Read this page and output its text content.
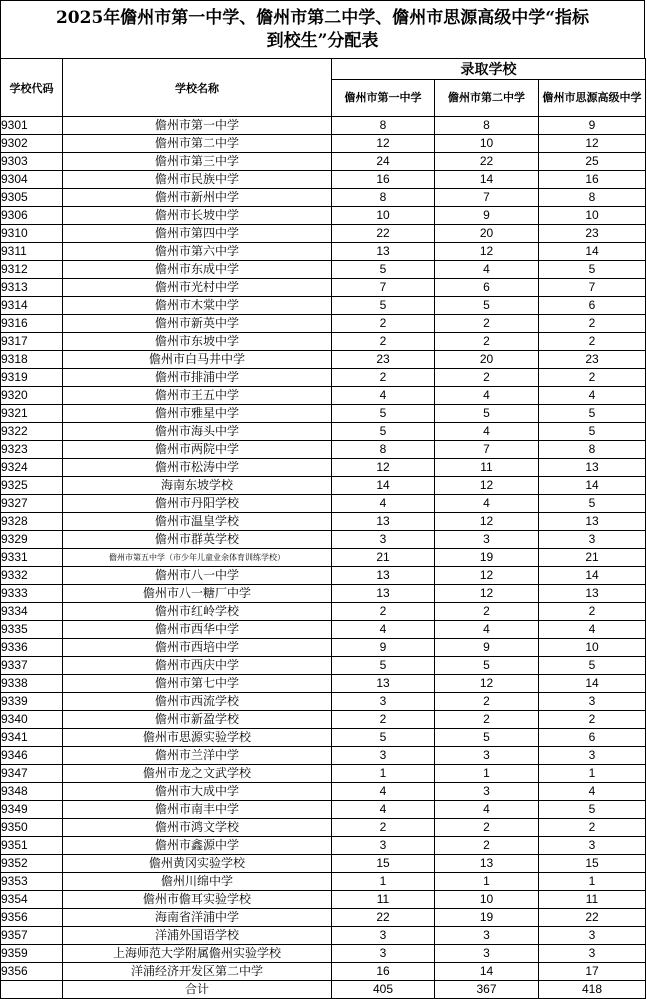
2025年儋州市第一中学、儋州市第二中学、儋州市思源高级中学“指标
到校生”分配表
学校代码	学校名称	录取学校		
		儋州市第一中学	儋州市第二中学	儋州市思源高级中学
9301	儋州市第一中学	8	8	9
9302	儋州市第二中学	12	10	12
9303	儋州市第三中学	24	22	25
9304	儋州市民族中学	16	14	16
9305	儋州市新州中学	8	7	8
9306	儋州市长坡中学	10	9	10
9310	儋州市第四中学	22	20	23
9311	儋州市第六中学	13	12	14
9312	儋州市东成中学	5	4	5
9313	儋州市光村中学	7	6	7
9314	儋州市木棠中学	5	5	6
9316	儋州市新英中学	2	2	2
9317	儋州市东坡中学	2	2	2
9318	儋州市白马井中学	23	20	23
9319	儋州市排浦中学	2	2	2
9320	儋州市王五中学	4	4	4
9321	儋州市雅星中学	5	5	5
9322	儋州市海头中学	5	4	5
9323	儋州市两院中学	8	7	8
9324	儋州市松涛中学	12	11	13
9325	海南东坡学校	14	12	14
9327	儋州市丹阳学校	4	4	5
9328	儋州市温皇学校	13	12	13
9329	儋州市群英学校	3	3	3
9331	儋州市第五中学（市少年儿童业余体育训练学校）	21	19	21
9332	儋州市八一中学	13	12	14
9333	儋州市八一糖厂中学	13	12	13
9334	儋州市红岭学校	2	2	2
9335	儋州市西华中学	4	4	4
9336	儋州市西培中学	9	9	10
9337	儋州市西庆中学	5	5	5
9338	儋州市第七中学	13	12	14
9339	儋州市西流学校	3	2	3
9340	儋州市新盈学校	2	2	2
9341	儋州市思源实验学校	5	5	6
9346	儋州市兰洋中学	3	3	3
9347	儋州市龙之文武学校	1	1	1
9348	儋州市大成中学	4	3	4
9349	儋州市南丰中学	4	4	5
9350	儋州市鸿文学校	2	2	2
9351	儋州市鑫源中学	3	2	3
9352	儋州黄冈实验学校	15	13	15
9353	儋州川绵中学	1	1	1
9354	儋州市儋耳实验学校	11	10	11
9356	海南省洋浦中学	22	19	22
9357	洋浦外国语学校	3	3	3
9359	上海师范大学附属儋州实验学校	3	3	3
9356	洋浦经济开发区第二中学	16	14	17
	合计	405	367	418
